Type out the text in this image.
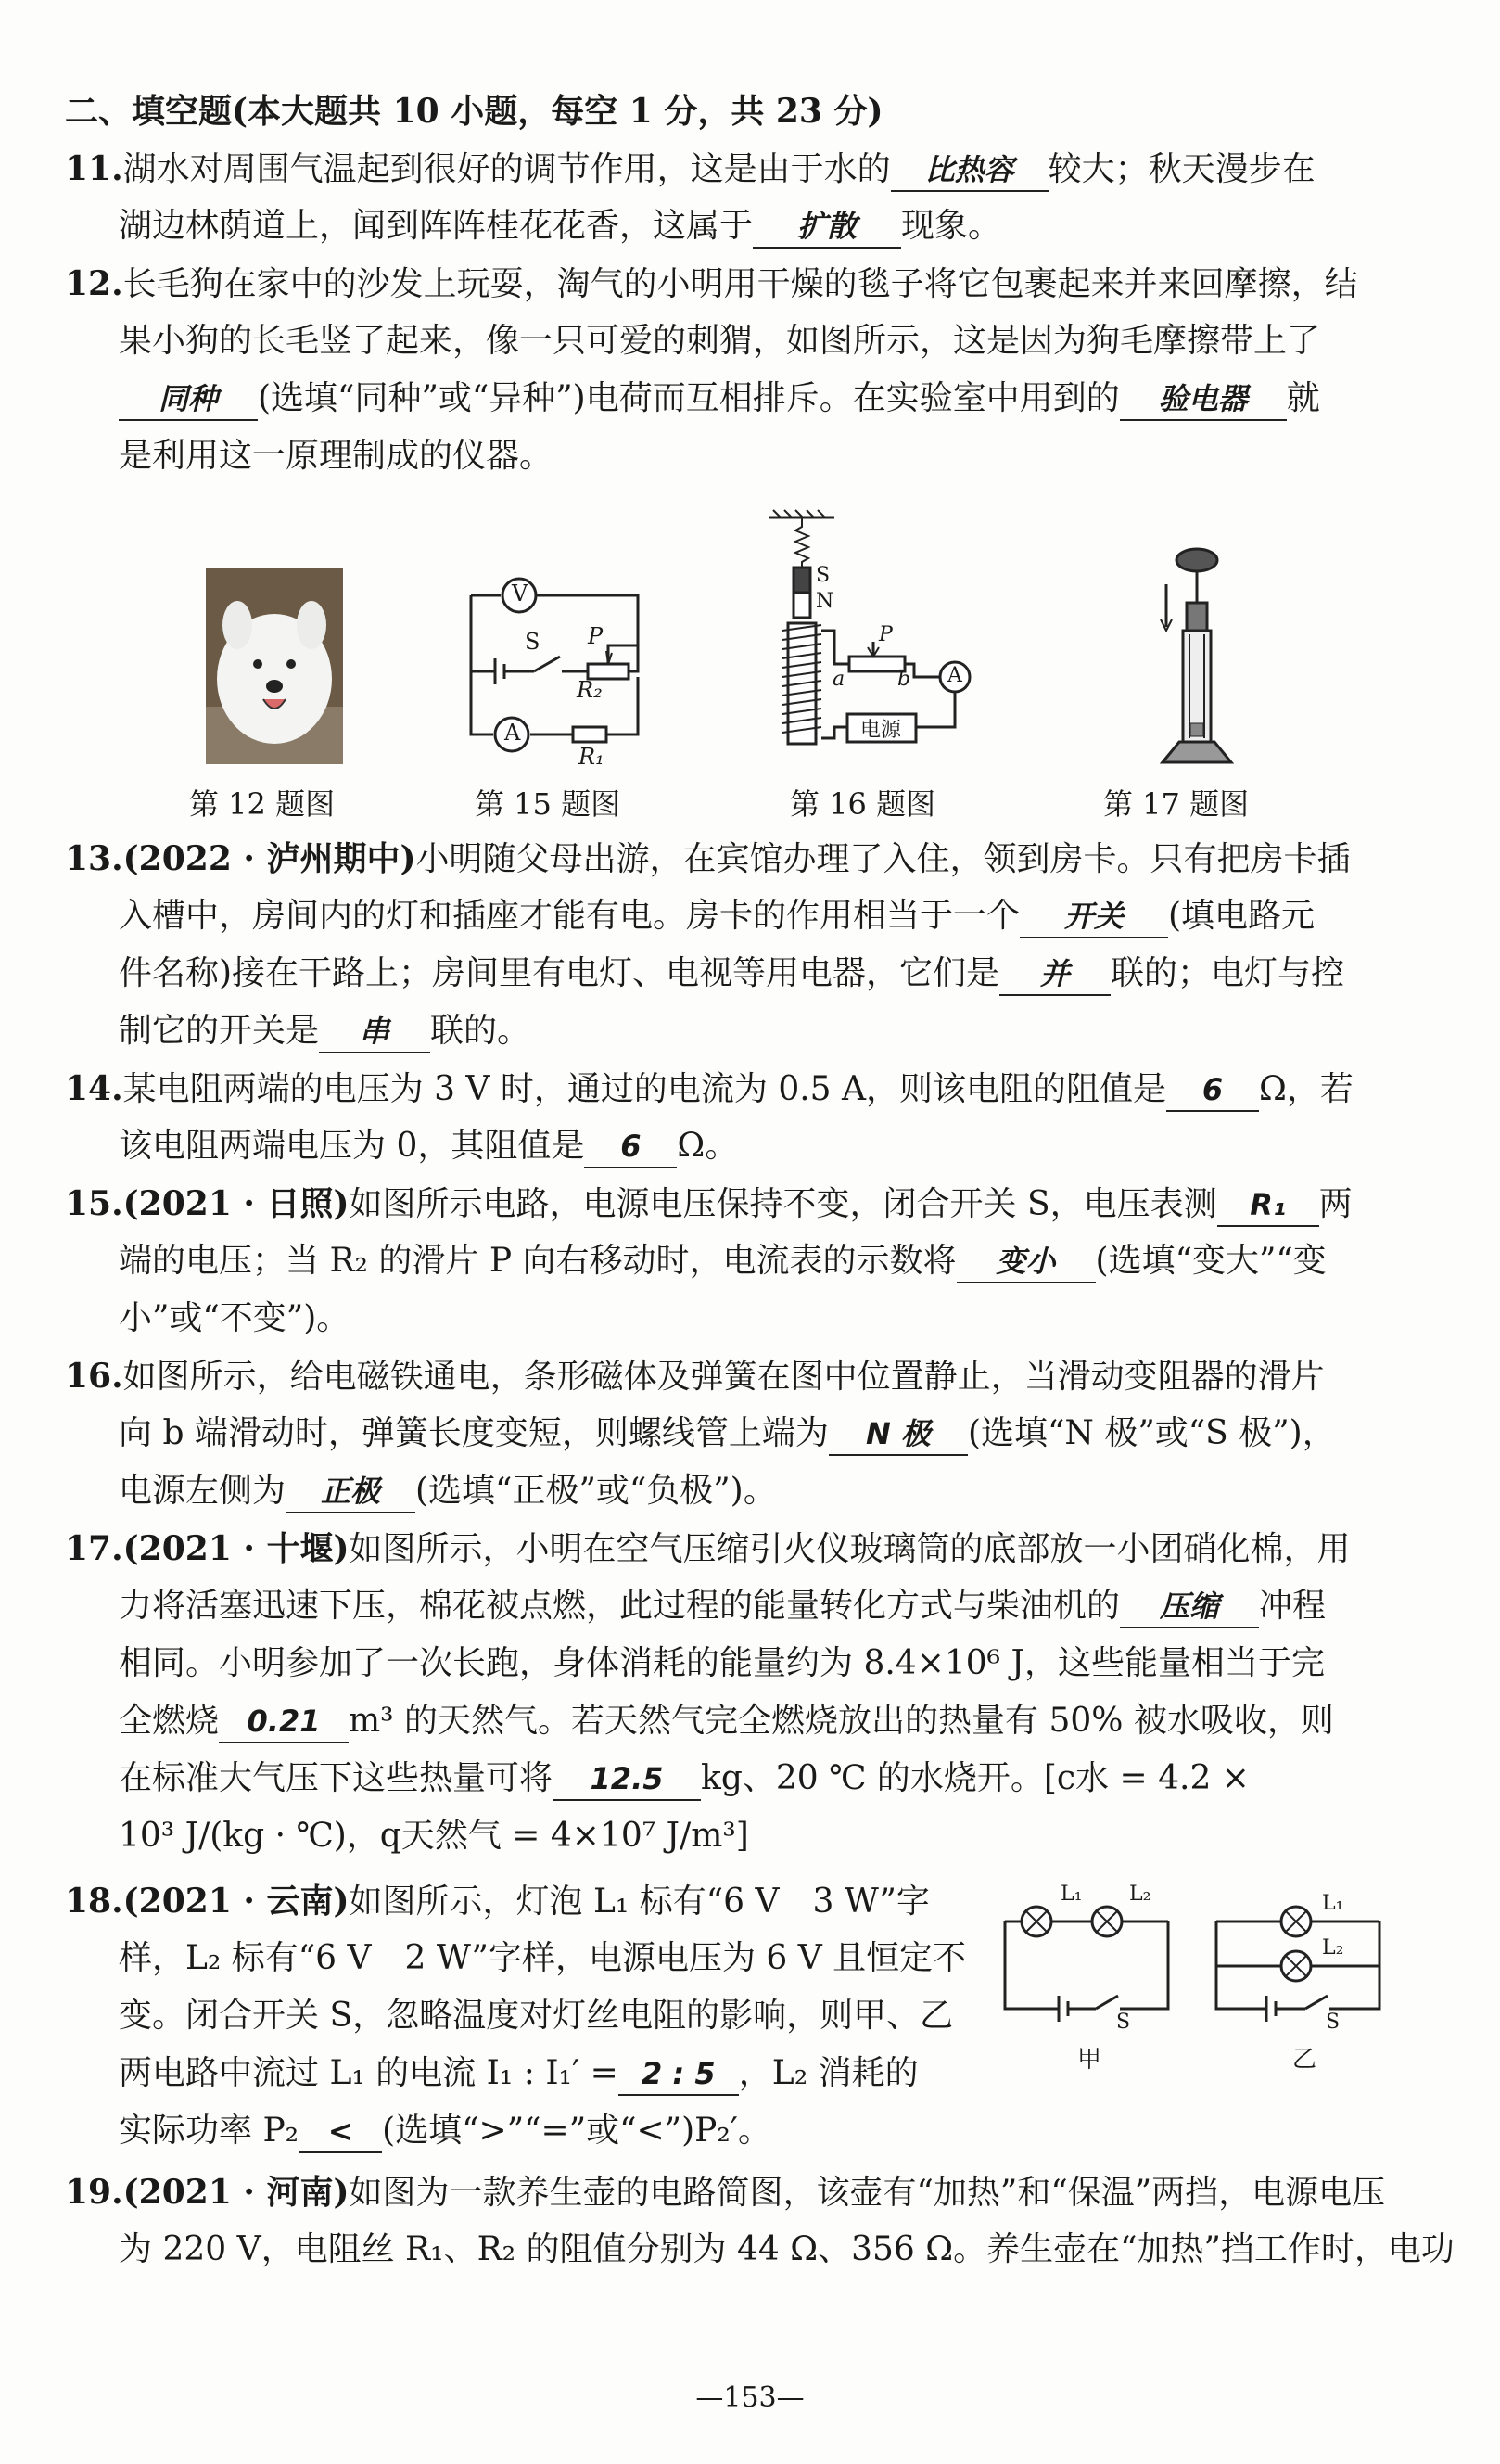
二、填空题(本大题共 10 小题，每空 1 分，共 23 分)
11.湖水对周围气温起到很好的调节作用，这是由于水的 比热容 较大；秋天漫步在
湖边林荫道上，闻到阵阵桂花花香，这属于 扩散 现象。
12.长毛狗在家中的沙发上玩耍，淘气的小明用干燥的毯子将它包裹起来并来回摩擦，结
果小狗的长毛竖了起来，像一只可爱的刺猬，如图所示，这是因为狗毛摩擦带上了
同种 (选填“同种”或“异种”)电荷而互相排斥。在实验室中用到的 验电器 就
是利用这一原理制成的仪器。
第 12 题图
V
A
S P
R₂
R₁
第 15 题图
S
N
P
a	b A
电源
第 16 题图	第 17 题图
13.(2022 · 泸州期中)小明随父母出游，在宾馆办理了入住，领到房卡。只有把房卡插
入槽中，房间内的灯和插座才能有电。房卡的作用相当于一个 开关 (填电路元
件名称)接在干路上；房间里有电灯、电视等用电器，它们是 并 联的；电灯与控
制它的开关是 串 联的。
14.某电阻两端的电压为 3 V 时，通过的电流为 0.5 A，则该电阻的阻值是 6 Ω，若
该电阻两端电压为 0，其阻值是 6 Ω。
15.(2021 · 日照)如图所示电路，电源电压保持不变，闭合开关 S，电压表测 R₁ 两
端的电压；当 R₂ 的滑片 P 向右移动时，电流表的示数将 变小 (选填“变大”“变
小”或“不变”)。
16.如图所示，给电磁铁通电，条形磁体及弹簧在图中位置静止，当滑动变阻器的滑片
向 b 端滑动时，弹簧长度变短，则螺线管上端为 N 极 (选填“N 极”或“S 极”)，
电源左侧为 正极 (选填“正极”或“负极”)。
17.(2021 · 十堰)如图所示，小明在空气压缩引火仪玻璃筒的底部放一小团硝化棉，用
力将活塞迅速下压，棉花被点燃，此过程的能量转化方式与柴油机的 压缩 冲程
相同。小明参加了一次长跑，身体消耗的能量约为 8.4×10⁶ J，这些能量相当于完
全燃烧 0.21 m³ 的天然气。若天然气完全燃烧放出的热量有 50% 被水吸收，则
在标准大气压下这些热量可将 12.5 kg、20 ℃ 的水烧开。[c水 = 4.2 ×
10³ J/(kg · ℃)，q天然气 = 4×10⁷ J/m³]
18.(2021 · 云南)如图所示，灯泡 L₁ 标有“6 V　3 W”字
样，L₂ 标有“6 V　2 W”字样，电源电压为 6 V 且恒定不
变。闭合开关 S，忽略温度对灯丝电阻的影响，则甲、乙
两电路中流过 L₁ 的电流 I₁ : I₁′ = 2 : 5 ，L₂ 消耗的
实际功率 P₂ < (选填“>”“=”或“<”)P₂′。
19.(2021 · 河南)如图为一款养生壶的电路简图，该壶有“加热”和“保温”两挡，电源电压
为 220 V，电阻丝 R₁、R₂ 的阻值分别为 44 Ω、356 Ω。养生壶在“加热”挡工作时，电功
L₁ L₂
S
甲
L₁
L₂
S
乙
—153—
